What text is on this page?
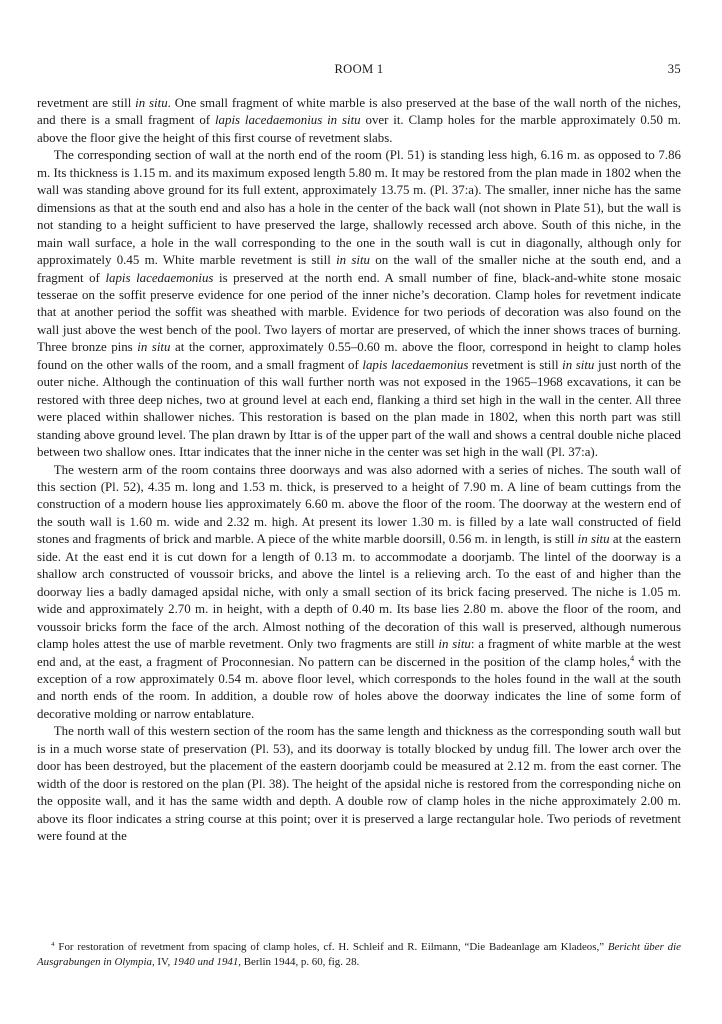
ROOM 1	35

revetment are still in situ. One small fragment of white marble is also preserved at the base of the wall north of the niches, and there is a small fragment of lapis lacedaemonius in situ over it. Clamp holes for the marble approximately 0.50 m. above the floor give the height of this first course of revetment slabs.

The corresponding section of wall at the north end of the room (Pl. 51) is standing less high, 6.16 m. as opposed to 7.86 m. Its thickness is 1.15 m. and its maximum exposed length 5.80 m. It may be restored from the plan made in 1802 when the wall was standing above ground for its full extent, approximately 13.75 m. (Pl. 37:a). The smaller, inner niche has the same dimensions as that at the south end and also has a hole in the center of the back wall (not shown in Plate 51), but the wall is not standing to a height sufficient to have preserved the large, shallowly recessed arch above. South of this niche, in the main wall surface, a hole in the wall corresponding to the one in the south wall is cut in diagonally, although only for approximately 0.45 m. White marble revetment is still in situ on the wall of the smaller niche at the south end, and a fragment of lapis lacedaemonius is preserved at the north end. A small number of fine, black-and-white stone mosaic tesserae on the soffit preserve evidence for one period of the inner niche’s decoration. Clamp holes for revetment indicate that at another period the soffit was sheathed with marble. Evidence for two periods of decoration was also found on the wall just above the west bench of the pool. Two layers of mortar are preserved, of which the inner shows traces of burning. Three bronze pins in situ at the corner, approximately 0.55–0.60 m. above the floor, correspond in height to clamp holes found on the other walls of the room, and a small fragment of lapis lacedaemonius revetment is still in situ just north of the outer niche. Although the continuation of this wall further north was not exposed in the 1965–1968 excavations, it can be restored with three deep niches, two at ground level at each end, flanking a third set high in the wall in the center. All three were placed within shallower niches. This restoration is based on the plan made in 1802, when this north part was still standing above ground level. The plan drawn by Ittar is of the upper part of the wall and shows a central double niche placed between two shallow ones. Ittar indicates that the inner niche in the center was set high in the wall (Pl. 37:a).

The western arm of the room contains three doorways and was also adorned with a series of niches. The south wall of this section (Pl. 52), 4.35 m. long and 1.53 m. thick, is preserved to a height of 7.90 m. A line of beam cuttings from the construction of a modern house lies approximately 6.60 m. above the floor of the room. The doorway at the western end of the south wall is 1.60 m. wide and 2.32 m. high. At present its lower 1.30 m. is filled by a late wall constructed of field stones and fragments of brick and marble. A piece of the white marble doorsill, 0.56 m. in length, is still in situ at the eastern side. At the east end it is cut down for a length of 0.13 m. to accommodate a doorjamb. The lintel of the doorway is a shallow arch constructed of voussoir bricks, and above the lintel is a relieving arch. To the east of and higher than the doorway lies a badly damaged apsidal niche, with only a small section of its brick facing preserved. The niche is 1.05 m. wide and approximately 2.70 m. in height, with a depth of 0.40 m. Its base lies 2.80 m. above the floor of the room, and voussoir bricks form the face of the arch. Almost nothing of the decoration of this wall is preserved, although numerous clamp holes attest the use of marble revetment. Only two fragments are still in situ: a fragment of white marble at the west end and, at the east, a fragment of Proconnesian. No pattern can be discerned in the position of the clamp holes,$^4$ with the exception of a row approximately 0.54 m. above floor level, which corresponds to the holes found in the wall at the south and north ends of the room. In addition, a double row of holes above the doorway indicates the line of some form of decorative molding or narrow entablature.

The north wall of this western section of the room has the same length and thickness as the corresponding south wall but is in a much worse state of preservation (Pl. 53), and its doorway is totally blocked by undug fill. The lower arch over the door has been destroyed, but the placement of the eastern doorjamb could be measured at 2.12 m. from the east corner. The width of the door is restored on the plan (Pl. 38). The height of the apsidal niche is restored from the corresponding niche on the opposite wall, and it has the same width and depth. A double row of clamp holes in the niche approximately 2.00 m. above its floor indicates a string course at this point; over it is preserved a large rectangular hole. Two periods of revetment were found at the

$^4$ For restoration of revetment from spacing of clamp holes, cf. H. Schleif and R. Eilmann, “Die Badeanlage am Kladeos,” Bericht über die Ausgrabungen in Olympia, IV, 1940 und 1941, Berlin 1944, p. 60, fig. 28.
